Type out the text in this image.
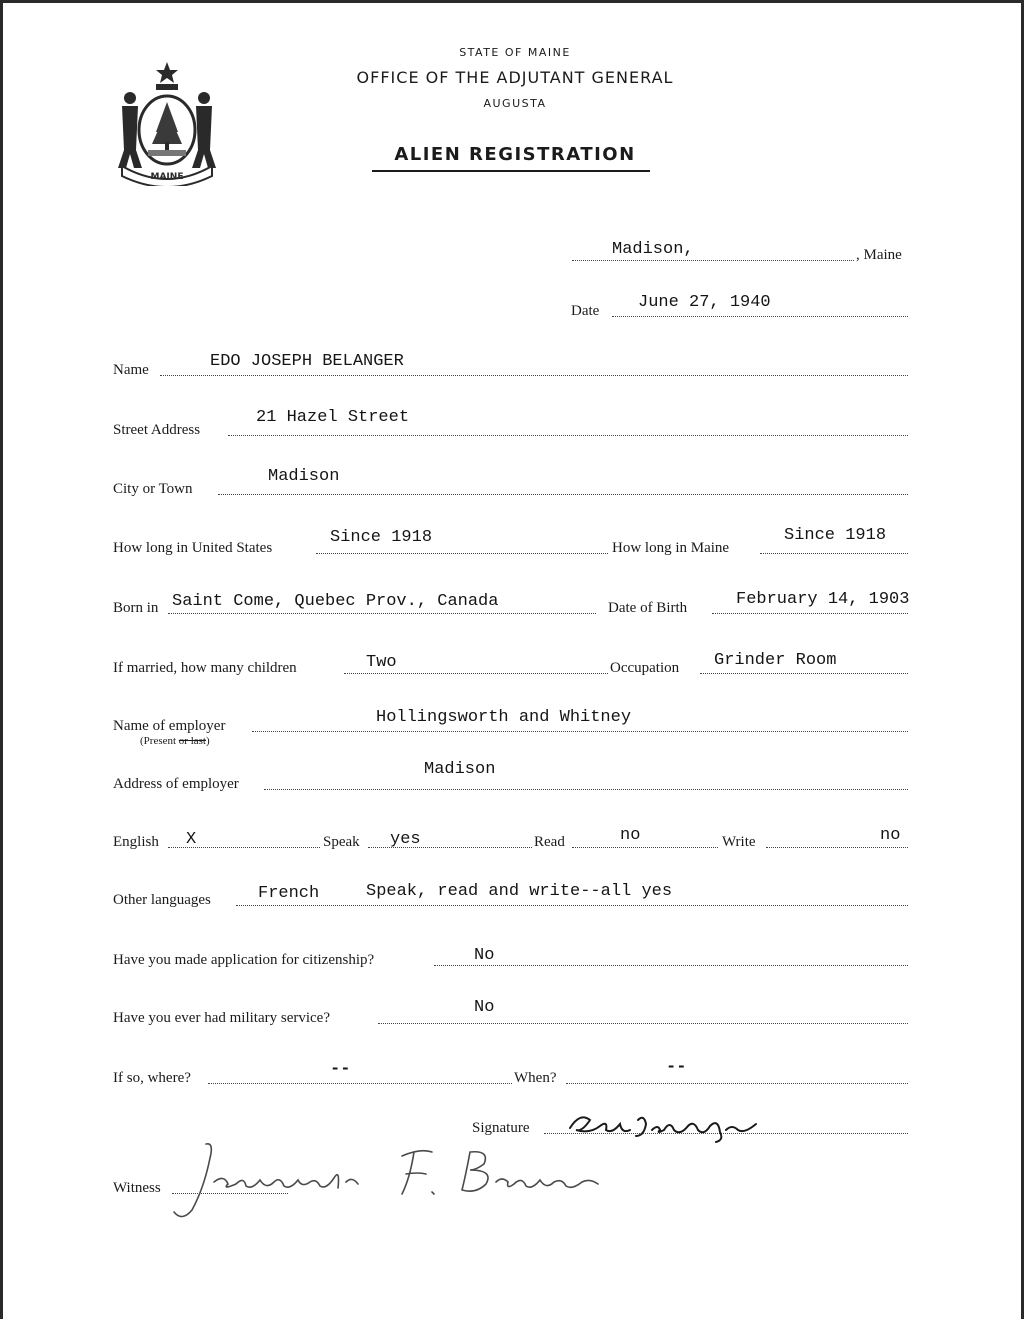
MAINE
STATE OF MAINE
OFFICE OF THE ADJUTANT GENERAL
AUGUSTA
ALIEN REGISTRATION
Madison,	, Maine
Date June 27, 1940
Name	EDO JOSEPH BELANGER
Street Address
21 Hazel Street
City or Town
Madison
How long in United States
Since 1918
How long in Maine
Since 1918
Born in Saint Come, Quebec Prov., Canada	Date of Birth	February 14, 1903
If married, how many children	Two	Occupation Grinder Room
Name of employer
(Present or last)
Hollingsworth and Whitney
Address of employer
Madison
English X	Speak yes	Read	no	Write	no
Other languages	French	Speak, read and write--all yes
Have you made application for citizenship?	No
Have you ever had military service?
No
If so, where?	--	When?
--
Signature
Witness
